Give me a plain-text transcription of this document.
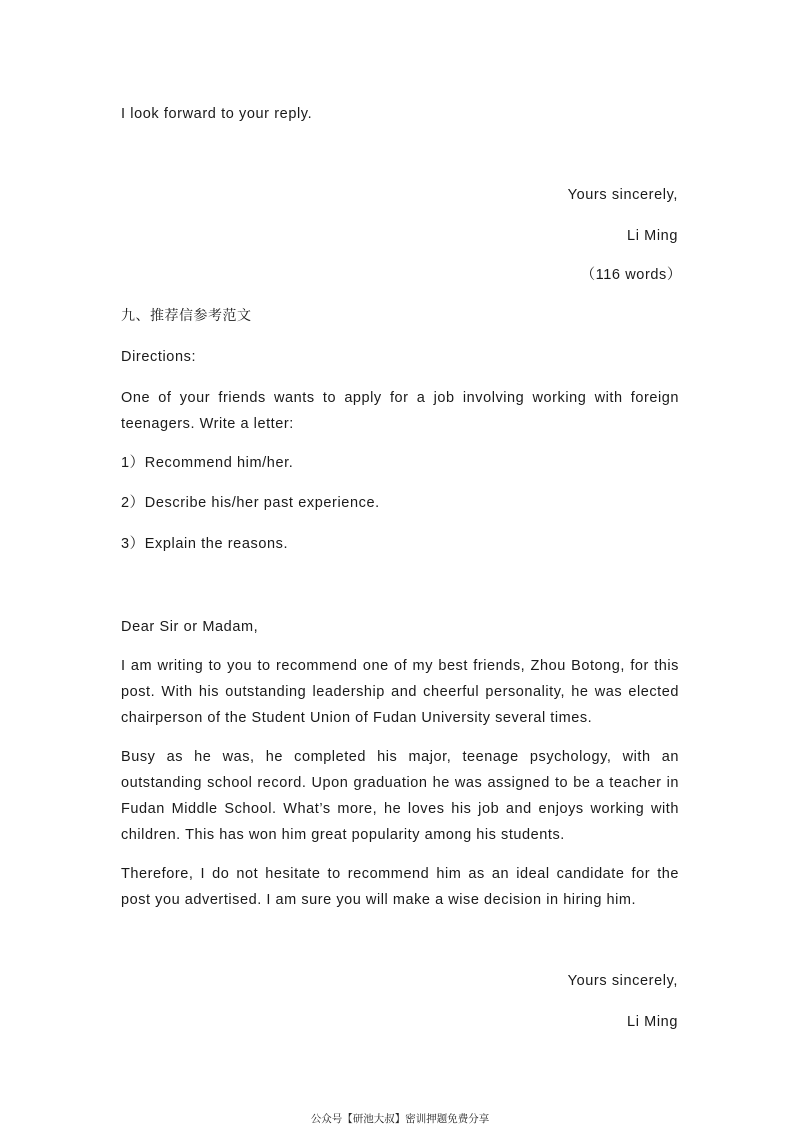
I look forward to your reply.
Yours sincerely,
Li Ming
（116 words）
九、推荐信参考范文
Directions:
One of your friends wants to apply for a job involving working with foreign teenagers. Write a letter:
1）Recommend him/her.
2）Describe his/her past experience.
3）Explain the reasons.
Dear Sir or Madam,
I am writing to you to recommend one of my best friends, Zhou Botong, for this post. With his outstanding leadership and cheerful personality, he was elected chairperson of the Student Union of Fudan University several times.
Busy as he was, he completed his major, teenage psychology, with an outstanding school record. Upon graduation he was assigned to be a teacher in Fudan Middle School. What’s more, he loves his job and enjoys working with children. This has won him great popularity among his students.
Therefore, I do not hesitate to recommend him as an ideal candidate for the post you advertised. I am sure you will make a wise decision in hiring him.
Yours sincerely,
Li Ming
公众号【研池大叔】密训押题免费分享
